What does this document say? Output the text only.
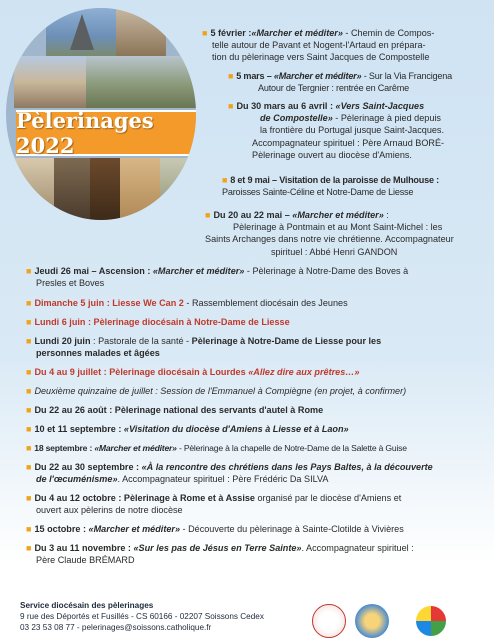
Pèlerinages 2022
■ 5 février :«Marcher et méditer» - Chemin de Compos-
telle autour de Pavant et Nogent-l'Artaud en prépara-
tion du pèlerinage vers Saint Jacques de Compostelle
■ 5 mars – «Marcher et méditer» - Sur la Via Francigena
Autour de Tergnier : rentrée en Carême
■ Du 30 mars au 6 avril : «Vers Saint-Jacques
de Compostelle» - Pèlerinage à pied depuis
la frontière du Portugal jusque Saint-Jacques.
Accompagnateur spirituel : Père Arnaud BORÉ-
Pèlerinage ouvert au diocèse d'Amiens.
■ 8 et 9 mai – Visitation de la paroisse de Mulhouse :
Paroisses Sainte-Céline et Notre-Dame de Liesse
■ Du 20 au 22 mai – «Marcher et méditer» :
Pèlerinage à Pontmain et au Mont Saint-Michel : les
Saints Archanges dans notre vie chrétienne. Accompagnateur
spirituel : Abbé Henri GANDON
■ Jeudi 26 mai – Ascension : «Marcher et méditer» - Pèlerinage à Notre-Dame des Boves à
Presles et Boves
■ Dimanche 5 juin : Liesse We Can 2 - Rassemblement diocésain des Jeunes
■ Lundi 6 juin : Pèlerinage diocésain à Notre-Dame de Liesse
■ Lundi 20 juin : Pastorale de la santé - Pèlerinage à Notre-Dame de Liesse pour les
personnes malades et âgées
■ Du 4 au 9 juillet : Pèlerinage diocésain à Lourdes «Allez dire aux prêtres…»
■ Deuxième quinzaine de juillet : Session de l'Emmanuel à Compiègne (en projet, à confirmer)
■ Du 22 au 26 août : Pèlerinage national des servants d'autel à Rome
■ 10 et 11 septembre : «Visitation du diocèse d'Amiens à Liesse et à Laon»
■ 18 septembre : «Marcher et méditer» - Pèlerinage à la chapelle de Notre-Dame de la Salette à Guise
■ Du 22 au 30 septembre : «À la rencontre des chrétiens dans les Pays Baltes, à la découverte
de l'œcuménisme». Accompagnateur spirituel : Père Frédéric Da SILVA
■ Du 4 au 12 octobre : Pèlerinage à Rome et à Assise organisé par le diocèse d'Amiens et
ouvert aux pèlerins de notre diocèse
■ 15 octobre : «Marcher et méditer» - Découverte du pèlerinage à Sainte-Clotilde à Vivières
■ Du 3 au 11 novembre : «Sur les pas de Jésus en Terre Sainte». Accompagnateur spirituel :
Père Claude BRÉMARD
Service diocésain des pèlerinages
9 rue des Déportés et Fusillés - CS 60166 - 02207 Soissons Cedex
03 23 53 08 77 - pelerinages@soissons.catholique.fr
